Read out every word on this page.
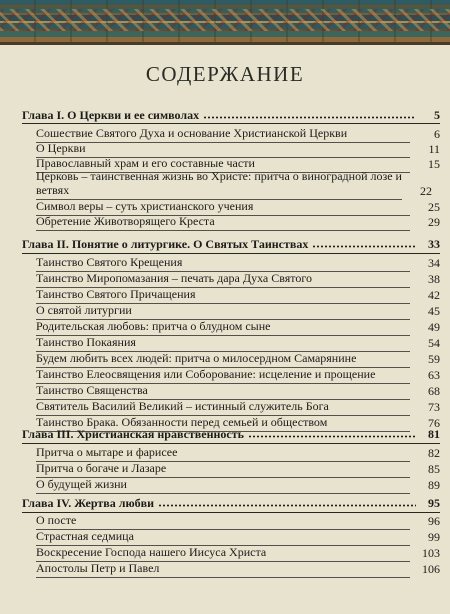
СОДЕРЖАНИЕ
Глава I. О Церкви и ее символах	5
Сошествие Святого Духа и основание Христианской Церкви	6
О Церкви	11
Православный храм и его составные части	15
Церковь – таинственная жизнь во Христе: притча о виноградной лозе и ветвях	22
Символ веры – суть христианского учения	25
Обретение Животворящего Креста	29
Глава II. Понятие о литургике. О Святых Таинствах	33
Таинство Святого Крещения	34
Таинство Миропомазания – печать дара Духа Святого	38
Таинство Святого Причащения	42
О святой литургии	45
Родительская любовь: притча о блудном сыне	49
Таинство Покаяния	54
Будем любить всех людей: притча о милосердном Самарянине	59
Таинство Елеосвящения или Соборование: исцеление и прощение	63
Таинство Священства	68
Святитель Василий Великий – истинный служитель Бога	73
Таинство Брака. Обязанности перед семьей и обществом	76
Глава III. Христианская нравственность	81
Притча о мытаре и фарисее	82
Притча о богаче и Лазаре	85
О будущей жизни	89
Глава IV. Жертва любви	95
О посте	96
Страстная седмица	99
Воскресение Господа нашего Иисуса Христа	103
Апостолы Петр и Павел	106
